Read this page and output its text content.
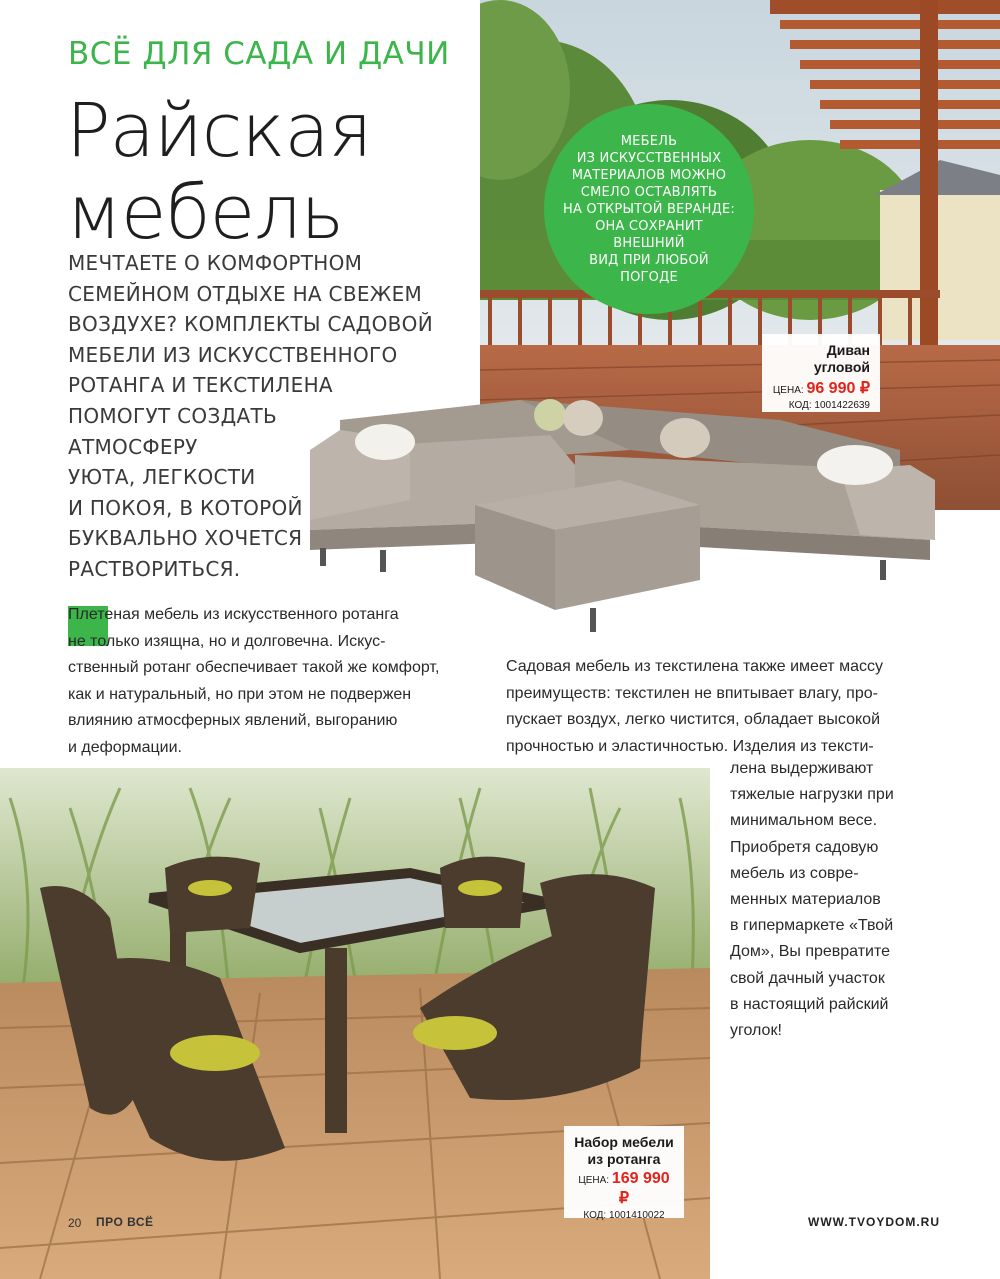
МЕБЕЛЬ
ИЗ ИСКУССТВЕННЫХ
МАТЕРИАЛОВ МОЖНО
СМЕЛО ОСТАВЛЯТЬ
НА ОТКРЫТОЙ ВЕРАНДЕ:
ОНА СОХРАНИТ ВНЕШНИЙ
ВИД ПРИ ЛЮБОЙ
ПОГОДЕ
ВСЁ ДЛЯ САДА И ДАЧИ
Райская
мебель
МЕЧТАЕТЕ О КОМФОРТНОМ
СЕМЕЙНОМ ОТДЫХЕ НА СВЕЖЕМ
ВОЗДУХЕ? КОМПЛЕКТЫ САДОВОЙ
МЕБЕЛИ ИЗ ИСКУССТВЕННОГО
РОТАНГА И ТЕКСТИЛЕНА
ПОМОГУТ СОЗДАТЬ
АТМОСФЕРУ
УЮТА, ЛЕГКОСТИ
И ПОКОЯ, В КОТОРОЙ
БУКВАЛЬНО ХОЧЕТСЯ
РАСТВОРИТЬСЯ.
Плетеная мебель из искусственного ротанга
не только изящна, но и долговечна. Искус-
ственный ротанг обеспечивает такой же комфорт,
как и натуральный, но при этом не подвержен
влиянию атмосферных явлений, выгоранию
и деформации.
Садовая мебель из текстилена также имеет массу
преимуществ: текстилен не впитывает влагу, про-
пускает воздух, легко чистится, обладает высокой
прочностью и эластичностью. Изделия из тексти-
лена выдерживают
тяжелые нагрузки при
минимальном весе.
Приобретя садовую
мебель из совре-
менных материалов
в гипермаркете «Твой
Дом», Вы превратите
свой дачный участок
в настоящий райский
уголок!
Диван угловой
ЦЕНА: 96 990 ₽
КОД: 1001422639
Набор мебели
из ротанга
ЦЕНА: 169 990 ₽
КОД: 1001410022
20 ПРО ВСЁ	WWW.TVOYDOM.RU
